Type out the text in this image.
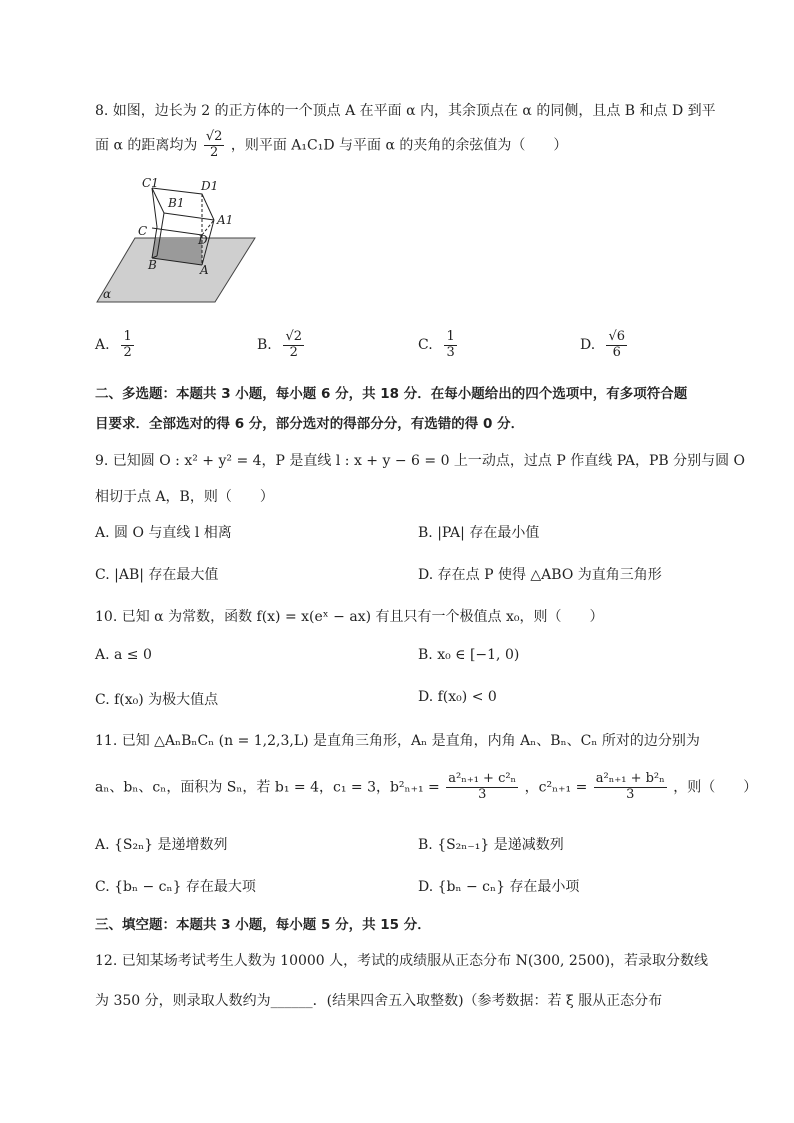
8. 如图，边长为 2 的正方体的一个顶点 A 在平面 α 内，其余顶点在 α 的同侧，且点 B 和点 D 到平
面 α 的距离均为 $\frac{√2}{2}$ ，则平面 A₁C₁D 与平面 α 的夹角的余弦值为（　　）
C1	D1
B1
A1
C
D
B	A
α
A. $\frac{1}{2}$	B. $\frac{√2}{2}$	C. $\frac{1}{3}$	D. $\frac{√6}{6}$
二、多选题：本题共 3 小题，每小题 6 分，共 18 分．在每小题给出的四个选项中，有多项符合题
目要求．全部选对的得 6 分，部分选对的得部分分，有选错的得 0 分．
9. 已知圆 O : x² + y² = 4，P 是直线 l : x + y − 6 = 0 上一动点，过点 P 作直线 PA，PB 分别与圆 O
相切于点 A，B，则（　　）
A. 圆 O 与直线 l 相离	B. |PA| 存在最小值
C. |AB| 存在最大值	D. 存在点 P 使得 △ABO 为直角三角形
10. 已知 α 为常数，函数 f(x) = x(eˣ − ax) 有且只有一个极值点 x₀，则（　　）
A. a ≤ 0	B. x₀ ∈ [−1, 0)
C. f(x₀) 为极大值点	D. f(x₀) < 0
11. 已知 △AₙBₙCₙ (n = 1,2,3,L) 是直角三角形，Aₙ 是直角，内角 Aₙ、Bₙ、Cₙ 所对的边分别为
aₙ、bₙ、cₙ，面积为 Sₙ，若 b₁ = 4，c₁ = 3，$b^2_{n+1} = \frac{\text{a²ₙ₊₁ + c²ₙ}}{3}$ ，$c^2_{n+1} = \frac{\text{a²ₙ₊₁ + b²ₙ}}{3}$ ，则（　　）
A. {S₂ₙ} 是递增数列	B. {S₂ₙ₋₁} 是递减数列
C. {bₙ − cₙ} 存在最大项	D. {bₙ − cₙ} 存在最小项
三、填空题：本题共 3 小题，每小题 5 分，共 15 分．
12. 已知某场考试考生人数为 10000 人，考试的成绩服从正态分布 N(300, 2500)，若录取分数线
为 350 分，则录取人数约为______．(结果四舍五入取整数)（参考数据：若 ξ 服从正态分布
